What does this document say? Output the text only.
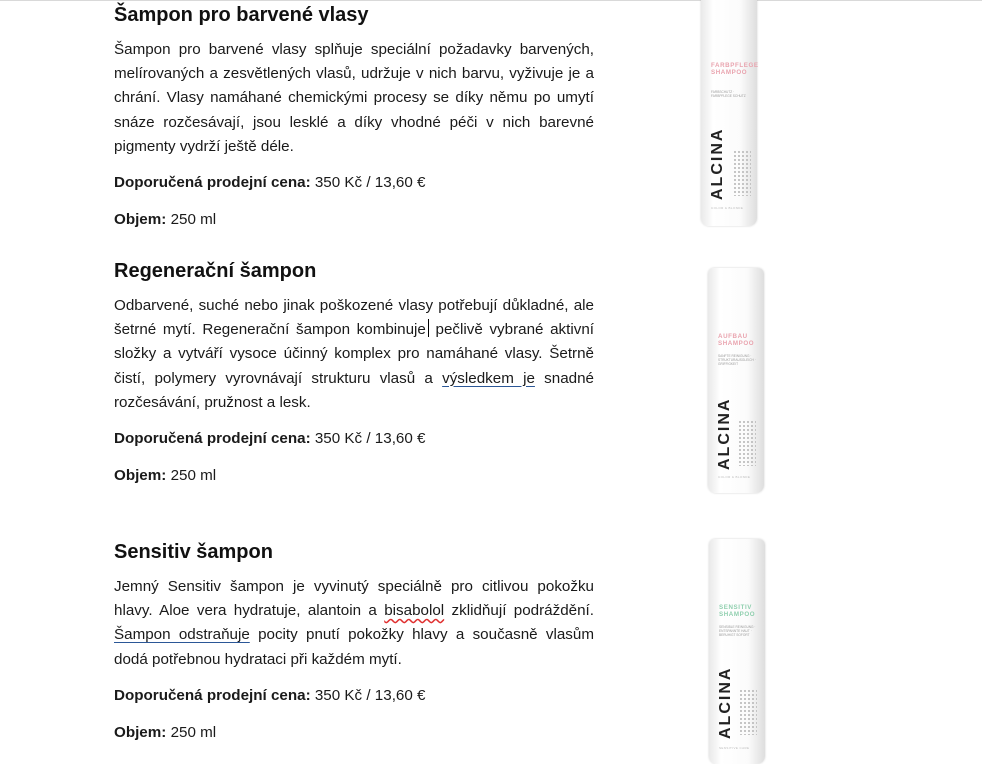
Šampon pro barvené vlasy

Šampon pro barvené vlasy splňuje speciální požadavky barvených, melírovaných a zesvětlených vlasů, udržuje v nich barvu, vyživuje je a chrání. Vlasy namáhané chemickými procesy se díky němu po umytí snáze rozčesávají, jsou lesklé a díky vhodné péči v nich barevné pigmenty vydrží ještě déle.

Doporučená prodejní cena: 350 Kč / 13,60 €
Objem: 250 ml
Regenerační šampon

Odbarvené, suché nebo jinak poškozené vlasy potřebují důkladné, ale šetrné mytí. Regenerační šampon kombinuje pečlivě vybrané aktivní složky a vytváří vysoce účinný komplex pro namáhané vlasy. Šetrně čistí, polymery vyrovnávají strukturu vlasů a výsledkem je snadné rozčesávání, pružnost a lesk.

Doporučená prodejní cena: 350 Kč / 13,60 €
Objem: 250 ml
Sensitiv šampon

Jemný Sensitiv šampon je vyvinutý speciálně pro citlivou pokožku hlavy. Aloe vera hydratuje, alantoin a bisabolol zklidňují podráždění. Šampon odstraňuje pocity pnutí pokožky hlavy a současně vlasům dodá potřebnou hydrataci při každém mytí.

Doporučená prodejní cena: 350 Kč / 13,60 €
Objem: 250 ml
FARBPFLEGE
SHAMPOO
FARBSCHUTZ · FARBPFLEGE SCHUTZ
ALCINA
COLOR & BLONDE
AUFBAU
SHAMPOO
SANFTE REINIGUNG · STRUKTURAUSGLEICH · GRIFFIGKEIT
ALCINA
COLOR & BLONDE
SENSITIV
SHAMPOO
SENSIBLE REINIGUNG · ENTSPANNTE HAUT · BERUHIGT SOFORT
ALCINA
SENSITIVE CARE
